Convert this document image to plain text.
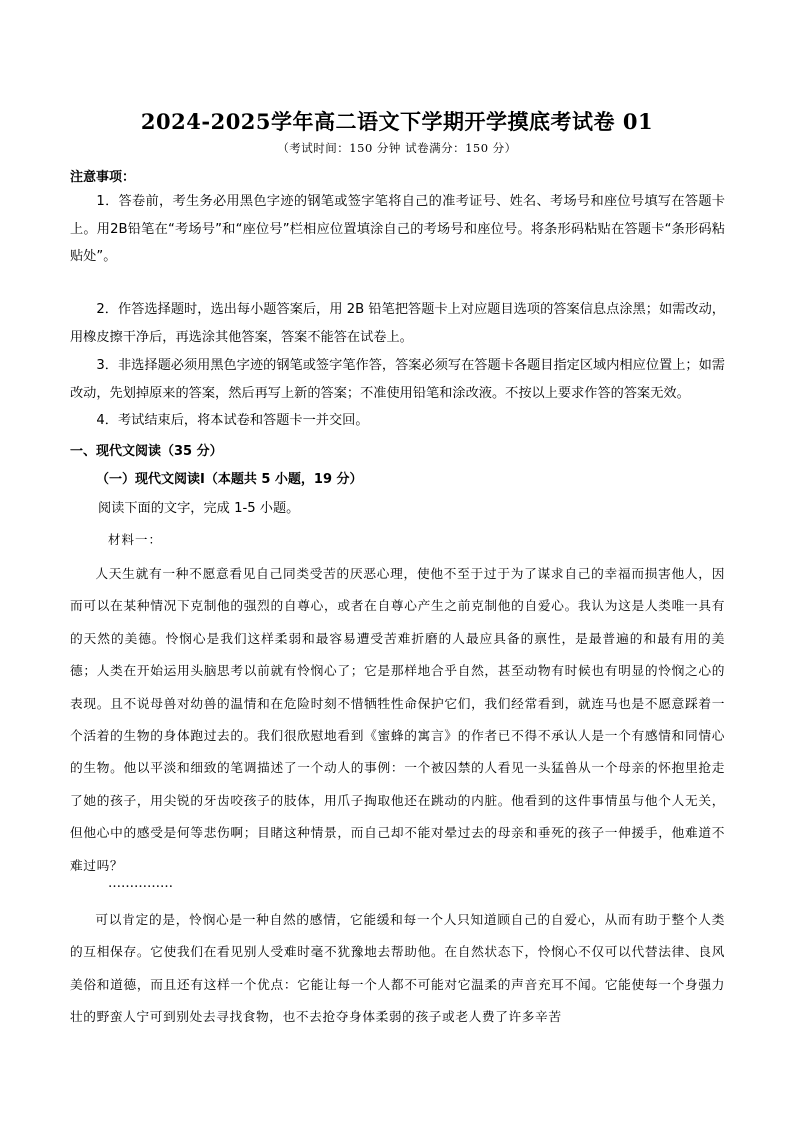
2024-2025学年高二语文下学期开学摸底考试卷 01
（考试时间：150 分钟 试卷满分：150 分）
注意事项：
1．答卷前，考生务必用黑色字迹的钢笔或签字笔将自己的准考证号、姓名、考场号和座位号填写在答题卡上。用2B铅笔在“考场号”和“座位号”栏相应位置填涂自己的考场号和座位号。将条形码粘贴在答题卡“条形码粘贴处”。
2．作答选择题时，选出每小题答案后，用 2B 铅笔把答题卡上对应题目选项的答案信息点涂黑；如需改动，用橡皮擦干净后，再选涂其他答案，答案不能答在试卷上。
3．非选择题必须用黑色字迹的钢笔或签字笔作答，答案必须写在答题卡各题目指定区域内相应位置上；如需改动，先划掉原来的答案，然后再写上新的答案；不准使用铅笔和涂改液。不按以上要求作答的答案无效。
4．考试结束后，将本试卷和答题卡一并交回。
一、现代文阅读（35 分）
（一）现代文阅读Ⅰ（本题共 5 小题，19 分）
阅读下面的文字，完成 1-5 小题。
材料一：
人天生就有一种不愿意看见自己同类受苦的厌恶心理，使他不至于过于为了谋求自己的幸福而损害他人，因而可以在某种情况下克制他的强烈的自尊心，或者在自尊心产生之前克制他的自爱心。我认为这是人类唯一具有的天然的美德。怜悯心是我们这样柔弱和最容易遭受苦难折磨的人最应具备的禀性，是最普遍的和最有用的美德；人类在开始运用头脑思考以前就有怜悯心了；它是那样地合乎自然，甚至动物有时候也有明显的怜悯之心的表现。且不说母兽对幼兽的温情和在危险时刻不惜牺牲性命保护它们，我们经常看到，就连马也是不愿意踩着一个活着的生物的身体跑过去的。我们很欣慰地看到《蜜蜂的寓言》的作者已不得不承认人是一个有感情和同情心的生物。他以平淡和细致的笔调描述了一个动人的事例：一个被囚禁的人看见一头猛兽从一个母亲的怀抱里抢走了她的孩子，用尖锐的牙齿咬孩子的肢体，用爪子掏取他还在跳动的内脏。他看到的这件事情虽与他个人无关，但他心中的感受是何等悲伤啊；目睹这种情景，而自己却不能对晕过去的母亲和垂死的孩子一伸援手，他难道不难过吗？
……………
可以肯定的是，怜悯心是一种自然的感情，它能缓和每一个人只知道顾自己的自爱心，从而有助于整个人类的互相保存。它使我们在看见别人受难时毫不犹豫地去帮助他。在自然状态下，怜悯心不仅可以代替法律、良风美俗和道德，而且还有这样一个优点：它能让每一个人都不可能对它温柔的声音充耳不闻。它能使每一个身强力壮的野蛮人宁可到别处去寻找食物，也不去抢夺身体柔弱的孩子或老人费了许多辛苦
